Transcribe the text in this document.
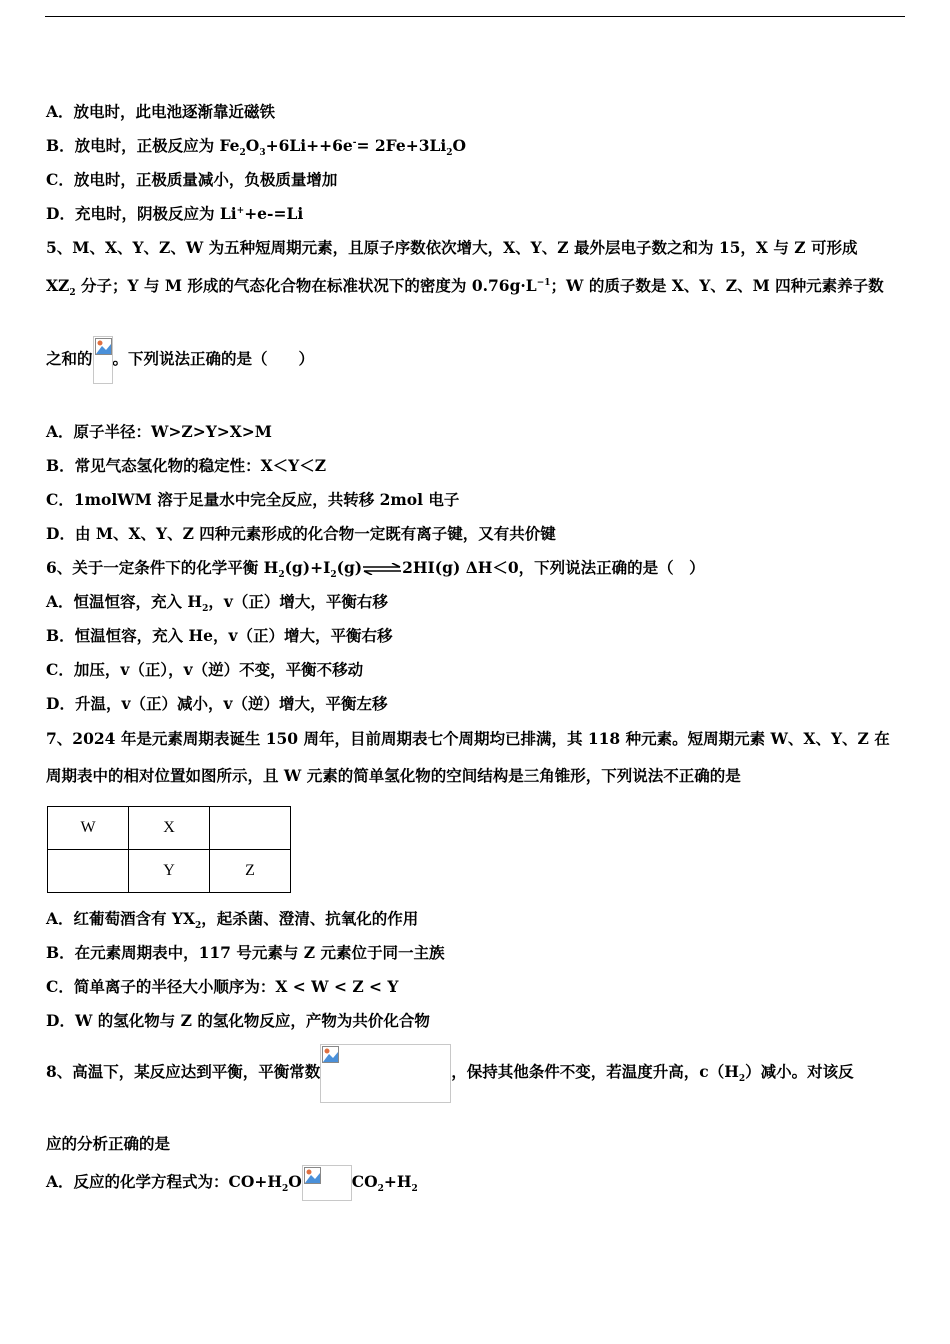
A．放电时，此电池逐渐靠近磁铁
B．放电时，正极反应为 $Fe_2O_3+6Li++6e^-= 2Fe+3Li_2O$
C．放电时，正极质量减小，负极质量增加
D．充电时，阴极反应为 Li++e-=Li
5、M、X、Y、Z、W 为五种短周期元素，且原子序数依次增大，X、Y、Z 最外层电子数之和为 15，X 与 Z 可形成
$XZ_2$ 分子；Y 与 M 形成的气态化合物在标准状况下的密度为 $0.76g\cdot L^{-1}$；W 的质子数是 X、Y、Z、M 四种元素养子数
之和的 。下列说法正确的是（　　）
A．原子半径：W>Z>Y>X>M
B．常见气态氢化物的稳定性：X＜Y＜Z
C．1molWM 溶于足量水中完全反应，共转移 2mol 电子
D．由 M、X、Y、Z 四种元素形成的化合物一定既有离子键，又有共价键
6、关于一定条件下的化学平衡 $H_2(g)+I_2(g)\rightleftharpoons 2HI(g)$ ΔH＜0，下列说法正确的是（　）
A．恒温恒容，充入 $H_2$，v（正）增大，平衡右移
B．恒温恒容，充入 He，v（正）增大，平衡右移
C．加压，v（正），v（逆）不变，平衡不移动
D．升温，v（正）减小，v（逆）增大，平衡左移
7、2024 年是元素周期表诞生 150 周年，目前周期表七个周期均已排满，其 118 种元素。短周期元素 W、X、Y、Z 在
周期表中的相对位置如图所示，且 W 元素的简单氢化物的空间结构是三角锥形，下列说法不正确的是
W	X	
	Y	Z
A．红葡萄酒含有 $YX_2$，起杀菌、澄清、抗氧化的作用
B．在元素周期表中，117 号元素与 Z 元素位于同一主族
C．简单离子的半径大小顺序为：X < W < Z < Y
D．W 的氢化物与 Z 的氢化物反应，产物为共价化合物
8、高温下，某反应达到平衡，平衡常数	，保持其他条件不变，若温度升高，$c(H_2)$减小。对该反
应的分析正确的是
A．反应的化学方程式为：$CO+H_2O$	$CO_2+H_2$
